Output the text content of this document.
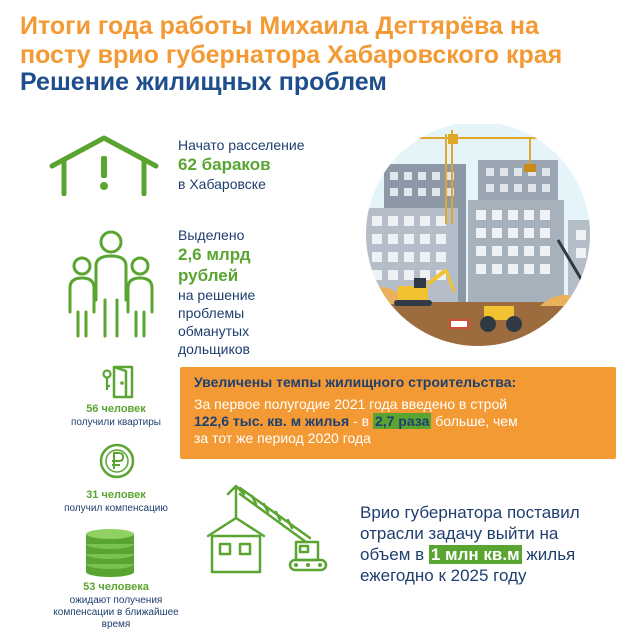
Итоги года работы Михаила Дегтярёва на
посту врио губернатора Хабаровского края
Решение жилищных проблем
Начато расселение
62 бараков
в Хабаровске
Выделено
2,6 млрд
рублей
на решение
проблемы
обманутых
дольщиков
56 человек
получили квартиры
31 человек
получил компенсацию
53 человека
ожидают получения
компенсации в ближайшее
время
Увеличены темпы жилищного строительства:
За первое полугодие 2021 года введено в строй
122,6 тыс. кв. м жилья - в 2,7 раза больше, чем
за тот же период 2020 года
Врио губернатора поставил
отрасли задачу выйти на
объем в 1 млн кв.м жилья
ежегодно к 2025 году
